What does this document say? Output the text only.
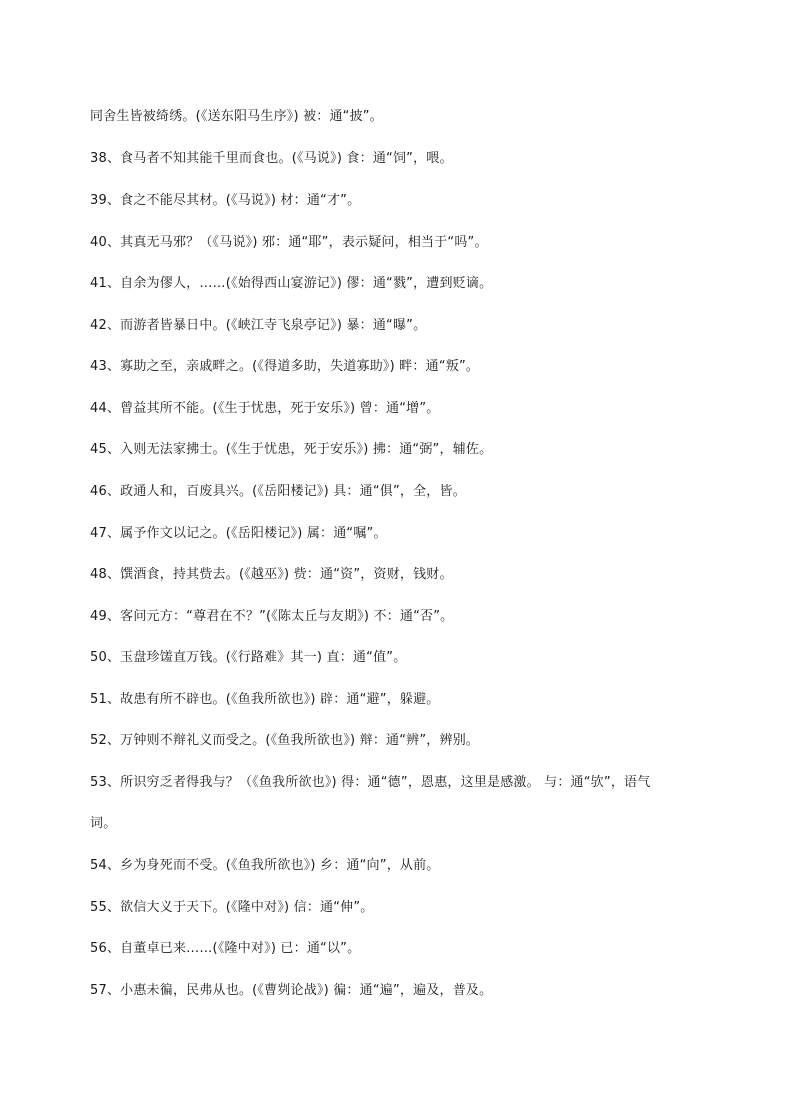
同舍生皆被绮绣。(《送东阳马生序》) 被：通“披”。
38、食马者不知其能千里而食也。(《马说》) 食：通“饲”，喂。
39、食之不能尽其材。(《马说》) 材：通“才”。
40、其真无马邪？（《马说》) 邪：通“耶”，表示疑问，相当于“吗”。
41、自余为僇人，……(《始得西山宴游记》) 僇：通“戮”，遭到贬谪。
42、而游者皆暴日中。(《峡江寺飞泉亭记》) 暴：通“曝”。
43、寡助之至，亲戚畔之。(《得道多助，失道寡助》) 畔：通“叛”。
44、曾益其所不能。(《生于忧患，死于安乐》) 曾：通“增”。
45、入则无法家拂士。(《生于忧患，死于安乐》) 拂：通“弼”，辅佐。
46、政通人和，百废具兴。(《岳阳楼记》) 具：通“俱”，全，皆。
47、属予作文以记之。(《岳阳楼记》) 属：通“嘱”。
48、馔酒食，持其赀去。(《越巫》) 赀：通“资”，资财，钱财。
49、客问元方：“尊君在不？”(《陈太丘与友期》) 不：通“否”。
50、玉盘珍馐直万钱。(《行路难》其一) 直：通“值”。
51、故患有所不辟也。(《鱼我所欲也》) 辟：通“避”，躲避。
52、万钟则不辩礼义而受之。(《鱼我所欲也》) 辩：通“辨”，辨别。
53、所识穷乏者得我与？（《鱼我所欲也》) 得：通“德”，恩惠，这里是感激。 与：通“欤”，语气
词。
54、乡为身死而不受。(《鱼我所欲也》) 乡：通“向”，从前。
55、欲信大义于天下。(《隆中对》) 信：通“伸”。
56、自董卓已来……(《隆中对》) 已：通“以”。
57、小惠未徧，民弗从也。(《曹刿论战》) 徧：通“遍”，遍及，普及。
